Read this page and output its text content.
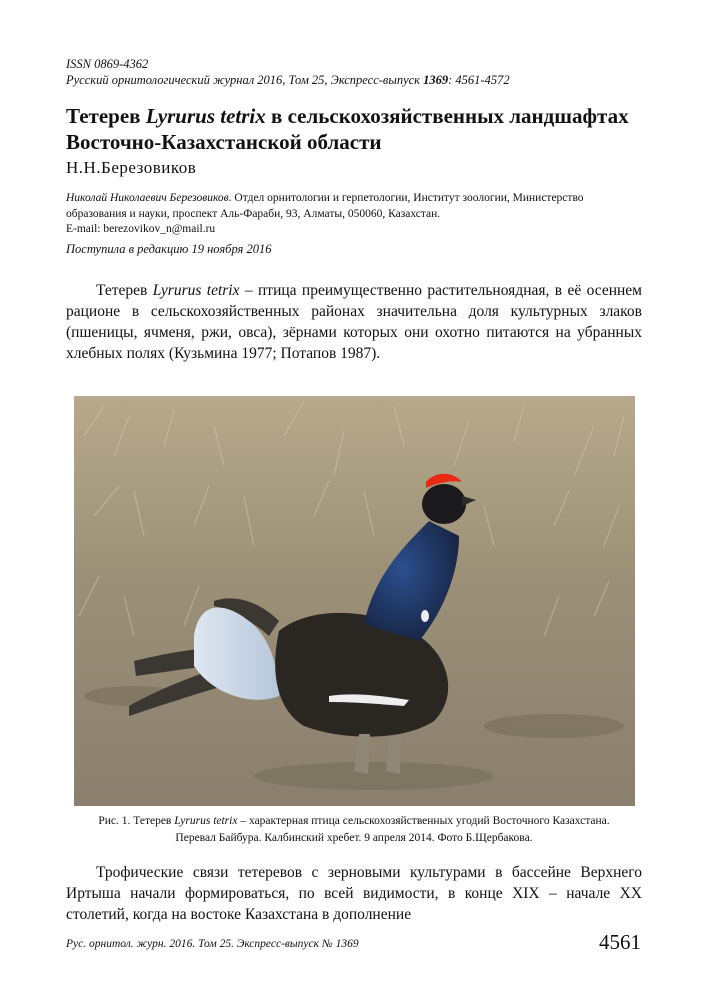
ISSN 0869-4362
Русский орнитологический журнал 2016, Том 25, Экспресс-выпуск 1369: 4561-4572
Тетерев Lyrurus tetrix в сельскохозяйственных ландшафтах Восточно-Казахстанской области
Н.Н.Березовиков
Николай Николаевич Березовиков. Отдел орнитологии и герпетологии, Институт зоологии, Министерство образования и науки, проспект Аль-Фараби, 93, Алматы, 050060, Казахстан.
E-mail: berezovikov_n@mail.ru
Поступила в редакцию 19 ноября 2016

Тетерев Lyrurus tetrix – птица преимущественно растительноядная, в её осеннем рационе в сельскохозяйственных районах значительна доля культурных злаков (пшеницы, ячменя, ржи, овса), зёрнами которых они охотно питаются на убранных хлебных полях (Кузьмина 1977; Потапов 1987).

Рис. 1. Тетерев Lyrurus tetrix – характерная птица сельскохозяйственных угодий Восточного Казахстана.
Перевал Байбура. Калбинский хребет. 9 апреля 2014. Фото Б.Щербакова.

Трофические связи тетеревов с зерновыми культурами в бассейне Верхнего Иртыша начали формироваться, по всей видимости, в конце XIX – начале XX столетий, когда на востоке Казахстана в дополнение

Рус. орнитол. журн. 2016. Том 25. Экспресс-выпуск № 1369	4561
